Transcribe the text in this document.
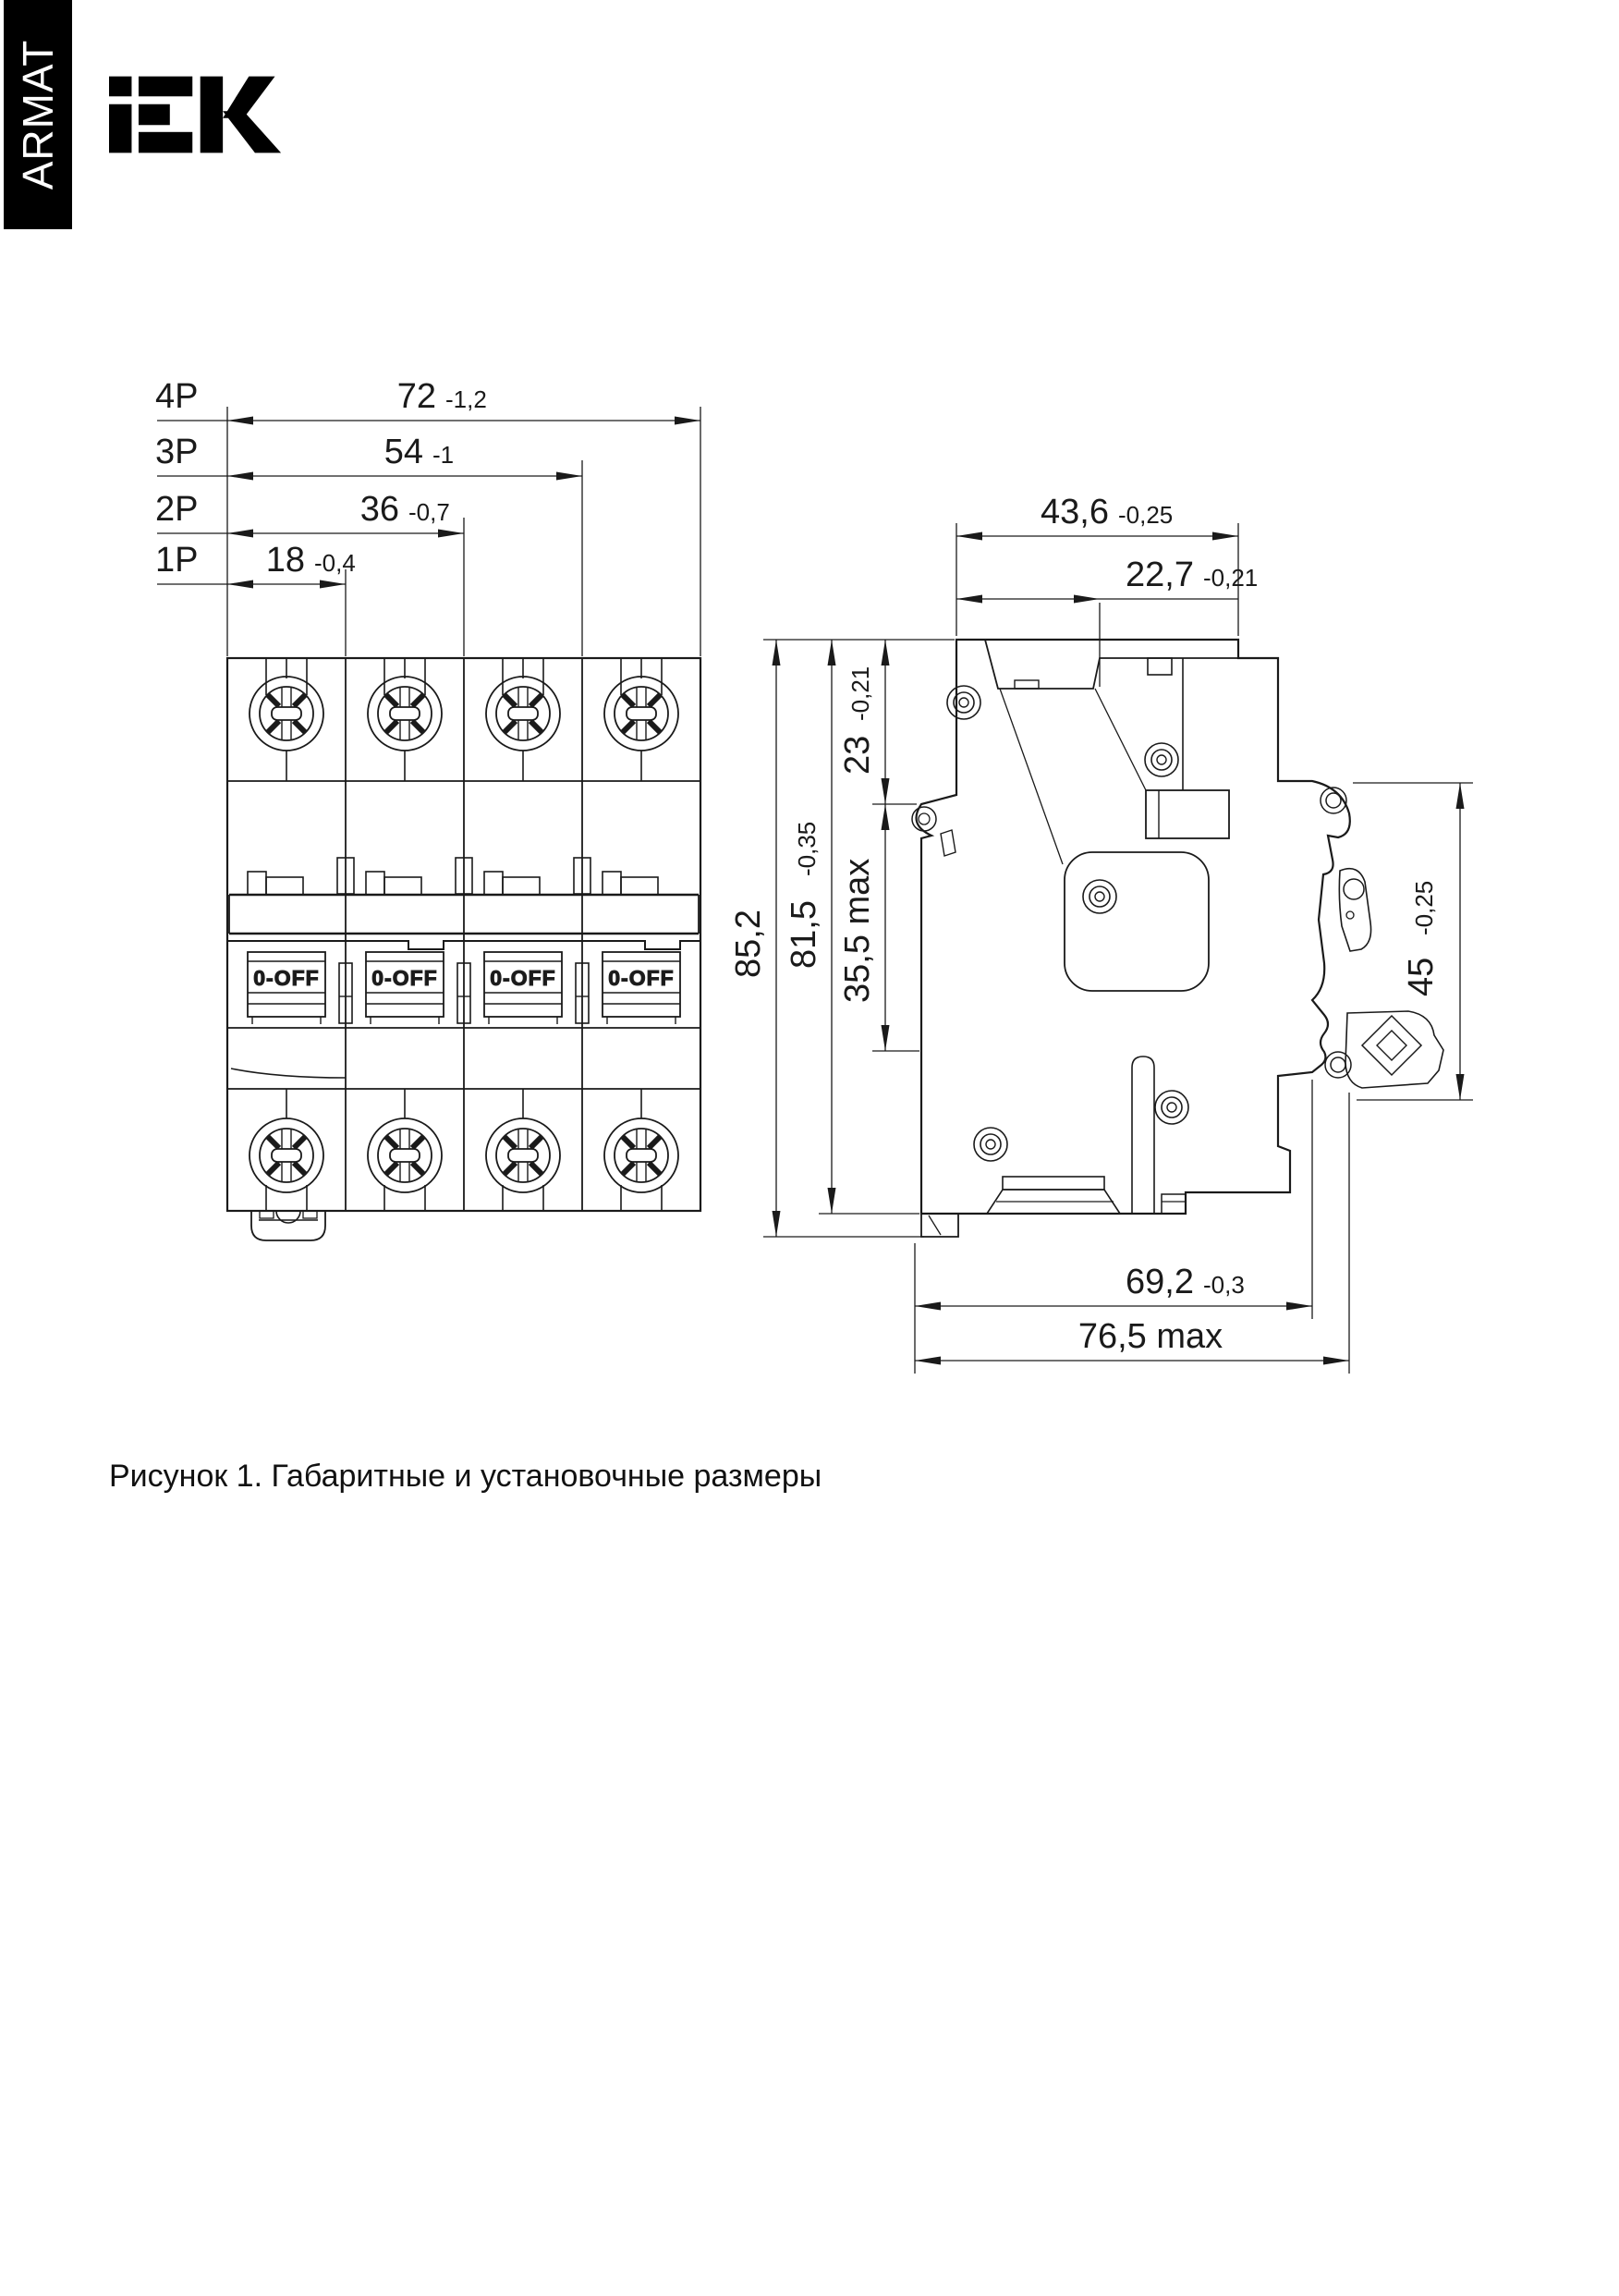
ARMAT
0-OFF
4P	72 -1,2
3P	54 -1
2P	36 -0,7
1P 18 -0,4
43,6 -0,25
22,7 -0,21
85,2 81,5
-0,35
23
-0,21
35,5 max	45
-0,25
69,2 -0,3
76,5 max
Рисунок 1. Габаритные и установочные размеры
